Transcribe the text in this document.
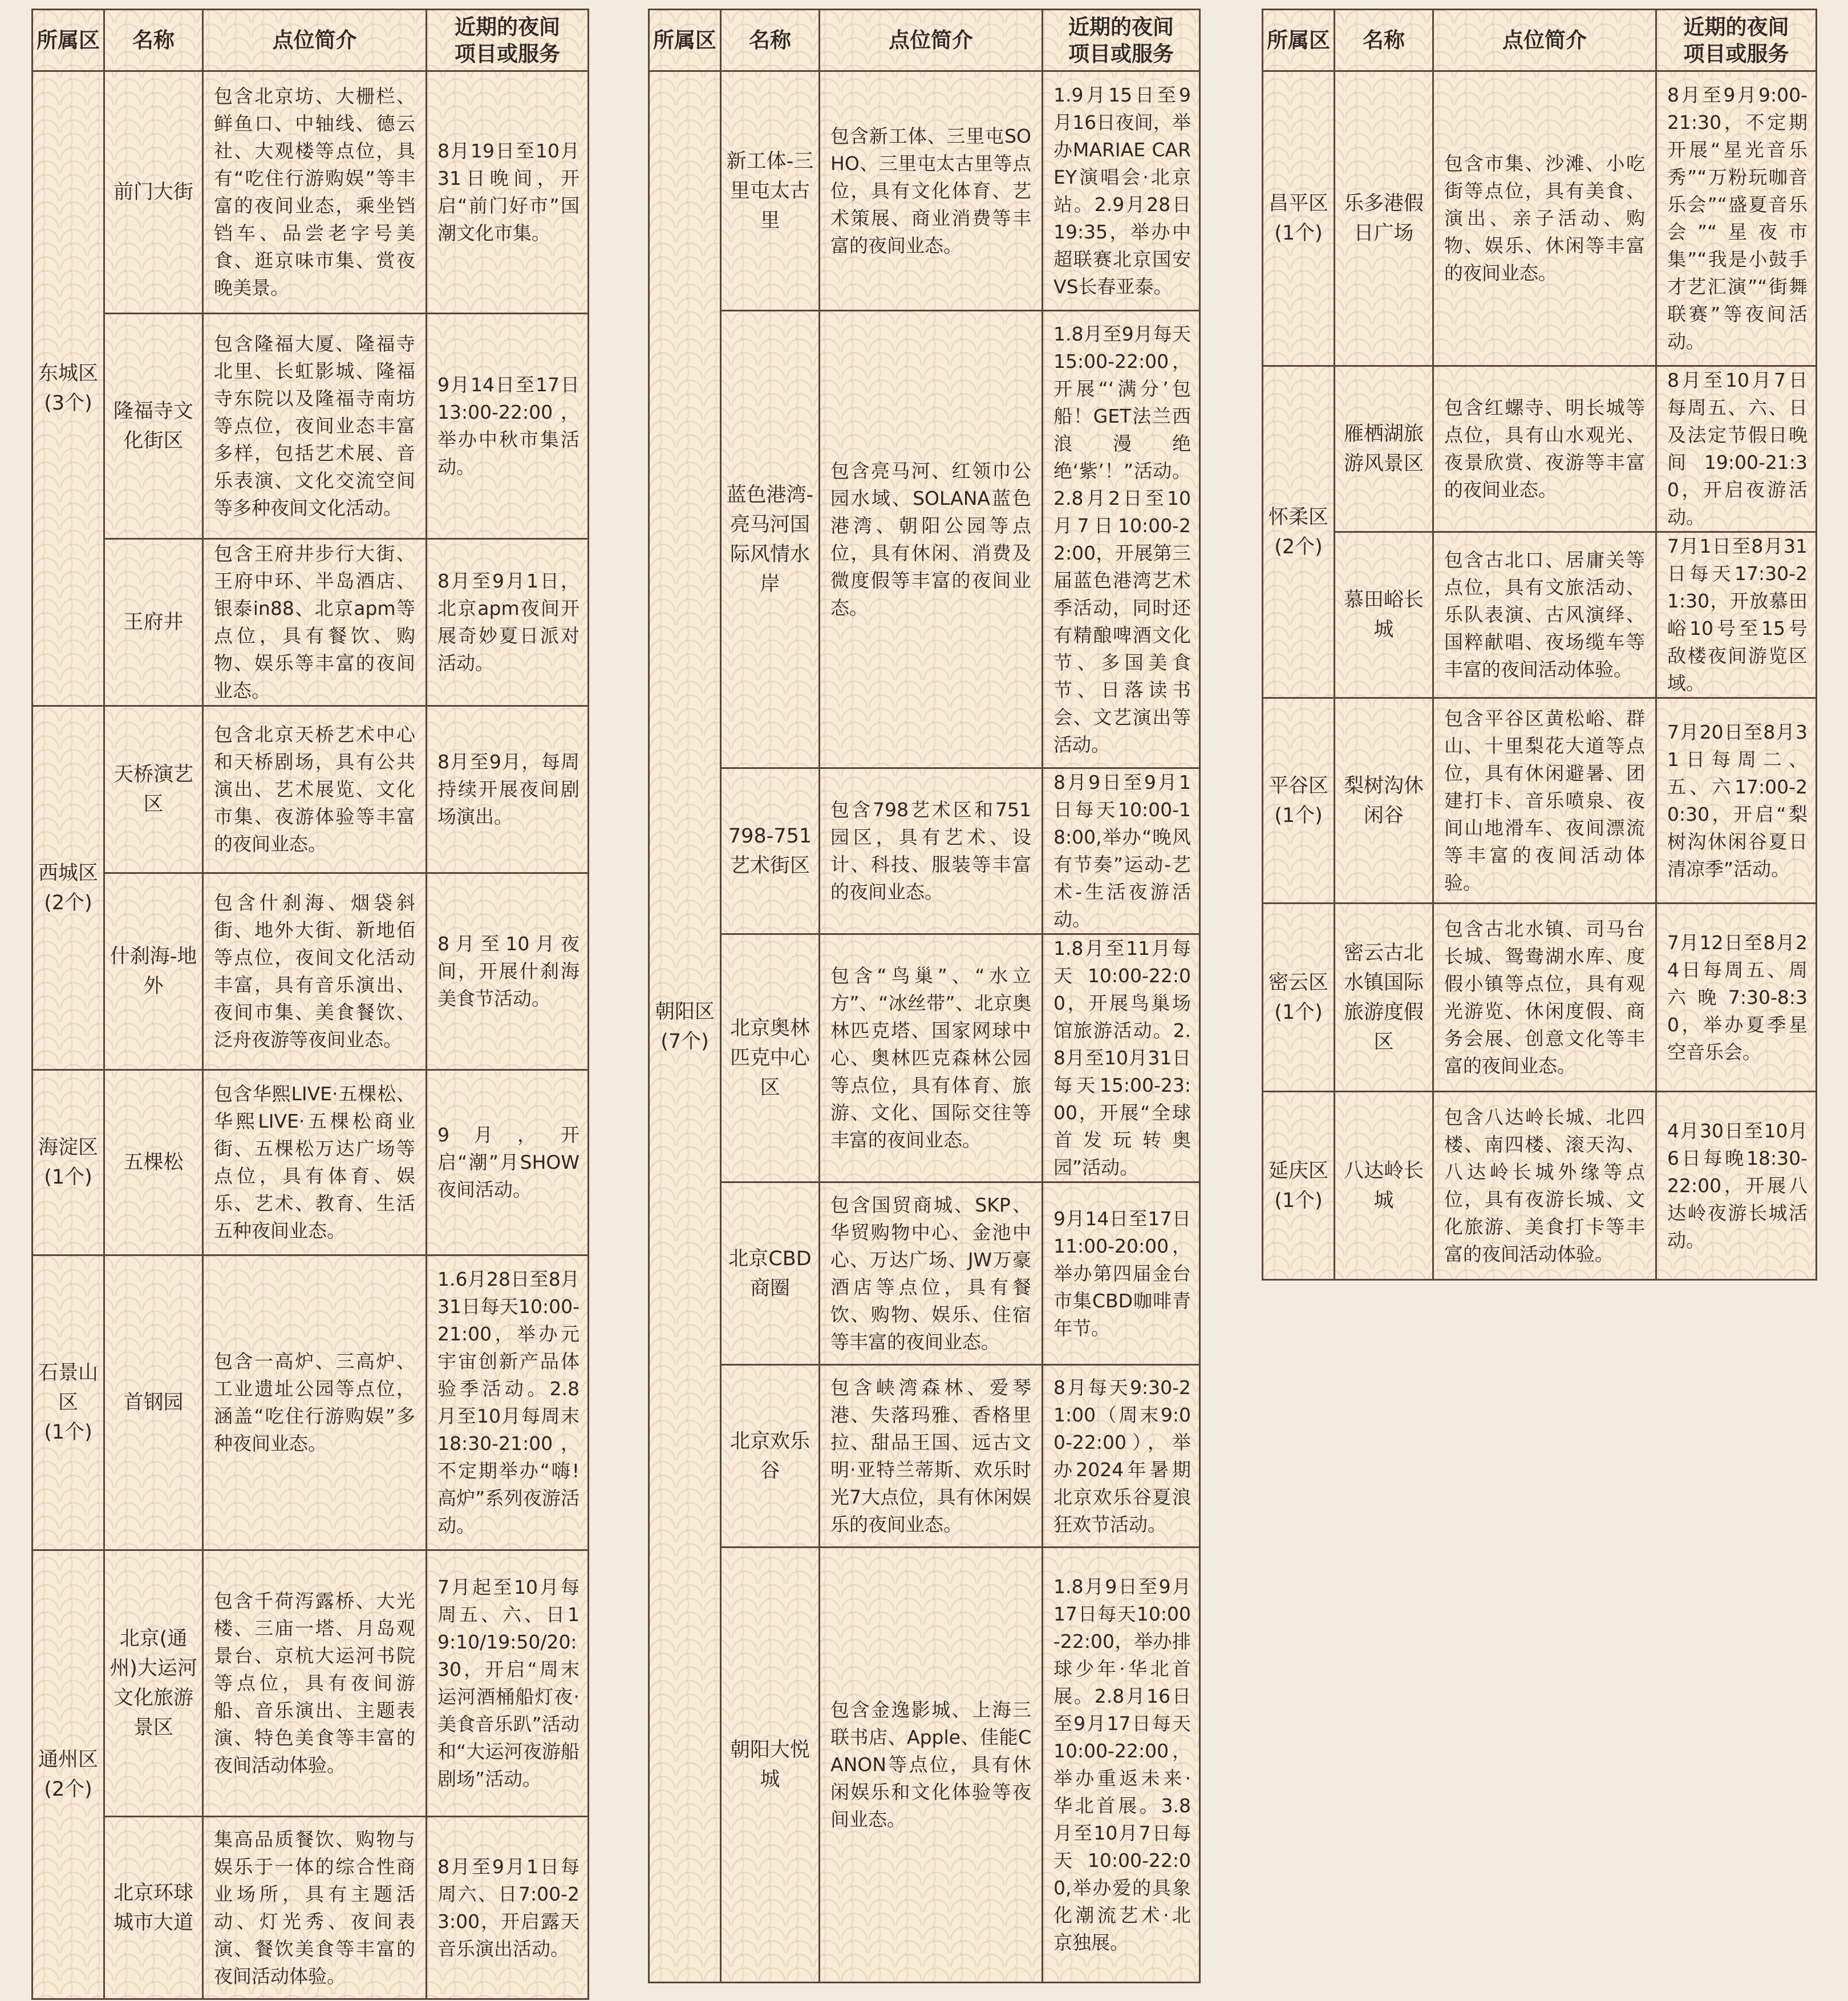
所属区	名称	点位简介	近期的夜间
项目或服务
东城区
(3个)	前门大街	包含北京坊、大栅栏、鲜鱼口、中轴线、德云社、大观楼等点位，具有“吃住行游购娱”等丰富的夜间业态，乘坐铛铛车、品尝老字号美食、逛京味市集、赏夜晚美景。	8月19日至10月31日晚间，开启“前门好市”国潮文化市集。
	隆福寺文化街区	包含隆福大厦、隆福寺北里、长虹影城、隆福寺东院以及隆福寺南坊等点位，夜间业态丰富多样，包括艺术展、音乐表演、文化交流空间等多种夜间文化活动。	9月14日至17日13:00-22:00，举办中秋市集活动。
	王府井	包含王府井步行大街、王府中环、半岛酒店、银泰in88、北京apm等点位，具有餐饮、购物、娱乐等丰富的夜间业态。	8月至9月1日，北京apm夜间开展奇妙夏日派对活动。
西城区
(2个)	天桥演艺区	包含北京天桥艺术中心和天桥剧场，具有公共演出、艺术展览、文化市集、夜游体验等丰富的夜间业态。	8月至9月，每周持续开展夜间剧场演出。
	什刹海-地外	包含什刹海、烟袋斜街、地外大街、新地佰等点位，夜间文化活动丰富，具有音乐演出、夜间市集、美食餐饮、泛舟夜游等夜间业态。	8月至10月夜间，开展什刹海美食节活动。
海淀区
(1个)	五棵松	包含华熙LIVE·五棵松、华熙LIVE·五棵松商业街、五棵松万达广场等点位，具有体育、娱乐、艺术、教育、生活五种夜间业态。	9月，开启“潮”月SHOW夜间活动。
石景山区
(1个)	首钢园	包含一高炉、三高炉、工业遗址公园等点位，涵盖“吃住行游购娱”多种夜间业态。	1.6月28日至8月31日每天10:00-21:00，举办元宇宙创新产品体验季活动。2.8月至10月每周末18:30-21:00，不定期举办“嗨!高炉”系列夜游活动。
通州区
(2个)	北京(通州)大运河文化旅游景区	包含千荷泻露桥、大光楼、三庙一塔、月岛观景台、京杭大运河书院等点位，具有夜间游船、音乐演出、主题表演、特色美食等丰富的夜间活动体验。	7月起至10月每周五、六、日19:10/19:50/20:30，开启“周末运河酒桶船灯夜·美食音乐趴”活动和“大运河夜游船剧场”活动。
	北京环球城市大道	集高品质餐饮、购物与娱乐于一体的综合性商业场所，具有主题活动、灯光秀、夜间表演、餐饮美食等丰富的夜间活动体验。	8月至9月1日每周六、日7:00-23:00，开启露天音乐演出活动。
所属区	名称	点位简介	近期的夜间
项目或服务
朝阳区
(7个)	新工体-三里屯太古里	包含新工体、三里屯SOHO、三里屯太古里等点位，具有文化体育、艺术策展、商业消费等丰富的夜间业态。	1.9月15日至9月16日夜间，举办MARIAE CAREY演唱会·北京站。2.9月28日19:35，举办中超联赛北京国安VS长春亚泰。
	蓝色港湾-亮马河国际风情水岸	包含亮马河、红领巾公园水域、SOLANA蓝色港湾、朝阳公园等点位，具有休闲、消费及微度假等丰富的夜间业态。	1.8月至9月每天15:00-22:00，开展“‘满分’包船！GET法兰西浪漫绝绝‘紫’！”活动。2.8月2日至10月7日10:00-22:00，开展第三届蓝色港湾艺术季活动，同时还有精酿啤酒文化节、多国美食节、日落读书会、文艺演出等活动。
	798-751艺术街区	包含798艺术区和751园区，具有艺术、设计、科技、服装等丰富的夜间业态。	8月9日至9月1日每天10:00-18:00,举办“晚风有节奏”运动-艺术-生活夜游活动。
	北京奥林匹克中心区	包含“鸟巢”、“水立方”、“冰丝带”、北京奥林匹克塔、国家网球中心、奥林匹克森林公园等点位，具有体育、旅游、文化、国际交往等丰富的夜间业态。	1.8月至11月每天10:00-22:00，开展鸟巢场馆旅游活动。2.8月至10月31日每天15:00-23:00，开展“全球首发玩转奥园”活动。
	北京CBD商圈	包含国贸商城、SKP、华贸购物中心、金池中心、万达广场、JW万豪酒店等点位，具有餐饮、购物、娱乐、住宿等丰富的夜间业态。	9月14日至17日11:00-20:00，举办第四届金台市集CBD咖啡青年节。
	北京欢乐谷	包含峡湾森林、爱琴港、失落玛雅、香格里拉、甜品王国、远古文明·亚特兰蒂斯、欢乐时光7大点位，具有休闲娱乐的夜间业态。	8月每天9:30-21:00（周末9:00-22:00），举办2024年暑期北京欢乐谷夏浪狂欢节活动。
	朝阳大悦城	包含金逸影城、上海三联书店、Apple、佳能CANON等点位，具有休闲娱乐和文化体验等夜间业态。	1.8月9日至9月17日每天10:00-22:00，举办排球少年·华北首展。2.8月16日至9月17日每天10:00-22:00，举办重返未来·华北首展。3.8月至10月7日每天10:00-22:00,举办爱的具象化潮流艺术·北京独展。
所属区	名称	点位简介	近期的夜间
项目或服务
昌平区
(1个)	乐多港假日广场	包含市集、沙滩、小吃街等点位，具有美食、演出、亲子活动、购物、娱乐、休闲等丰富的夜间业态。	8月至9月9:00-21:30，不定期开展“星光音乐秀”“万粉玩咖音乐会”“盛夏音乐会”“星夜市集”“我是小鼓手才艺汇演”“街舞联赛”等夜间活动。
怀柔区
(2个)	雁栖湖旅游风景区	包含红螺寺、明长城等点位，具有山水观光、夜景欣赏、夜游等丰富的夜间业态。	8月至10月7日每周五、六、日及法定节假日晚间19:00-21:30，开启夜游活动。
	慕田峪长城	包含古北口、居庸关等点位，具有文旅活动、乐队表演、古风演绎、国粹献唱、夜场缆车等丰富的夜间活动体验。	7月1日至8月31日每天17:30-21:30，开放慕田峪10号至15号敌楼夜间游览区域。
平谷区
(1个)	梨树沟休闲谷	包含平谷区黄松峪、群山、十里梨花大道等点位，具有休闲避暑、团建打卡、音乐喷泉、夜间山地滑车、夜间漂流等丰富的夜间活动体验。	7月20日至8月31日每周二、五、六17:00-20:30，开启“梨树沟休闲谷夏日清凉季”活动。
密云区
(1个)	密云古北水镇国际旅游度假区	包含古北水镇、司马台长城、鸳鸯湖水库、度假小镇等点位，具有观光游览、休闲度假、商务会展、创意文化等丰富的夜间业态。	7月12日至8月24日每周五、周六晚7:30-8:30，举办夏季星空音乐会。
延庆区
(1个)	八达岭长城	包含八达岭长城、北四楼、南四楼、滚天沟、八达岭长城外缘等点位，具有夜游长城、文化旅游、美食打卡等丰富的夜间活动体验。	4月30日至10月6日每晚18:30-22:00，开展八达岭夜游长城活动。
